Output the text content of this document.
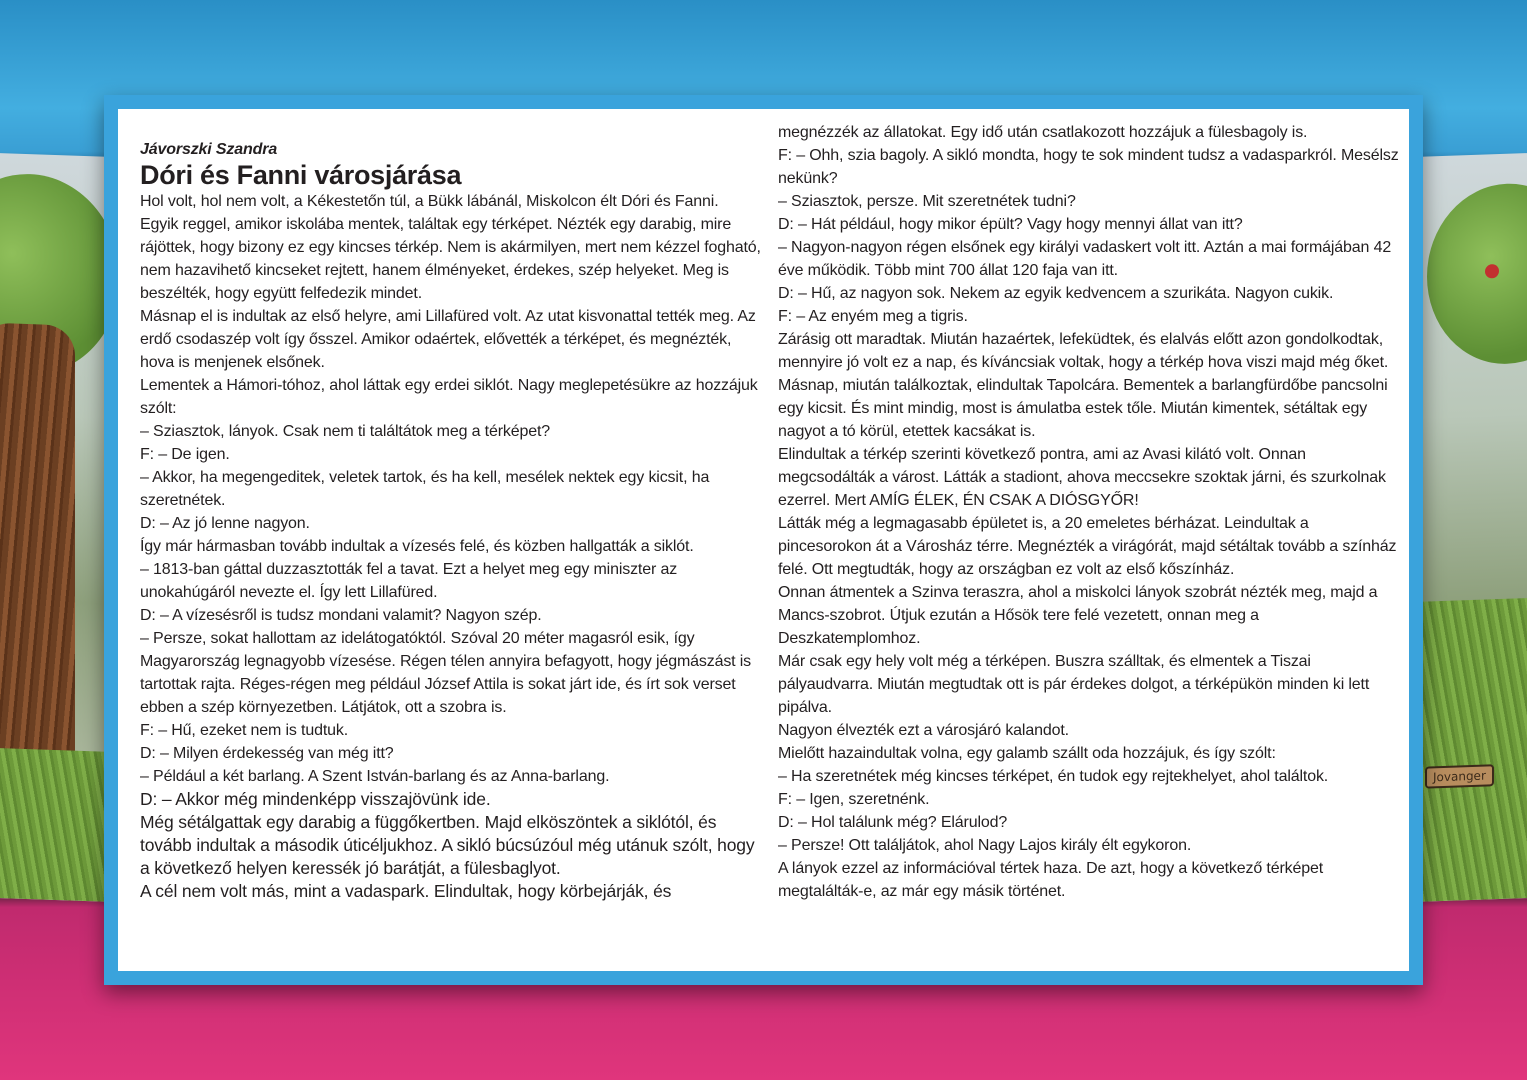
Jovanger

Jávorszki Szandra

Dóri és Fanni városjárása

Hol volt, hol nem volt, a Kékestetőn túl, a Bükk lábánál, Miskolcon élt Dóri és Fanni.

Egyik reggel, amikor iskolába mentek, találtak egy térképet. Nézték egy darabig, mire rájöttek, hogy bizony ez egy kincses térkép. Nem is akármilyen, mert nem kézzel fogható, nem hazavihető kincseket rejtett, hanem élményeket, érdekes, szép helyeket. Meg is beszélték, hogy együtt felfedezik mindet.

Másnap el is indultak az első helyre, ami Lillafüred volt. Az utat kisvonattal tették meg. Az erdő csodaszép volt így ősszel. Amikor odaértek, elővették a térképet, és megnézték, hova is menjenek elsőnek.

Lementek a Hámori-tóhoz, ahol láttak egy erdei siklót. Nagy meglepetésükre az hozzájuk szólt:

– Sziasztok, lányok. Csak nem ti találtátok meg a térképet?

F: – De igen.

– Akkor, ha megengeditek, veletek tartok, és ha kell, mesélek nektek egy kicsit, ha szeretnétek.

D: – Az jó lenne nagyon.

Így már hármasban tovább indultak a vízesés felé, és közben hallgatták a siklót.

– 1813-ban gáttal duzzasztották fel a tavat. Ezt a helyet meg egy miniszter az unokahúgáról nevezte el. Így lett Lillafüred.

D: – A vízesésről is tudsz mondani valamit? Nagyon szép.

– Persze, sokat hallottam az idelátogatóktól. Szóval 20 méter magasról esik, így Magyarország legnagyobb vízesése. Régen télen annyira befagyott, hogy jégmászást is tartottak rajta. Réges-régen meg például József Attila is sokat járt ide, és írt sok verset ebben a szép környezetben. Látjátok, ott a szobra is.

F: – Hű, ezeket nem is tudtuk.

D: – Milyen érdekesség van még itt?

– Például a két barlang. A Szent István-barlang és az Anna-barlang.

D: – Akkor még mindenképp visszajövünk ide.

Még sétálgattak egy darabig a függőkertben. Majd elköszöntek a siklótól, és tovább indultak a második úticéljukhoz. A sikló búcsúzóul még utánuk szólt, hogy a következő helyen keressék jó barátját, a fülesbaglyot.

A cél nem volt más, mint a vadaspark. Elindultak, hogy körbejárják, és

megnézzék az állatokat. Egy idő után csatlakozott hozzájuk a fülesbagoly is.

F: – Ohh, szia bagoly. A sikló mondta, hogy te sok mindent tudsz a vadasparkról. Mesélsz nekünk?

– Sziasztok, persze. Mit szeretnétek tudni?

D: – Hát például, hogy mikor épült? Vagy hogy mennyi állat van itt?

– Nagyon-nagyon régen elsőnek egy királyi vadaskert volt itt. Aztán a mai formájában 42 éve működik. Több mint 700 állat 120 faja van itt.

D: – Hű, az nagyon sok. Nekem az egyik kedvencem a szurikáta. Nagyon cukik.

F: – Az enyém meg a tigris.

Zárásig ott maradtak. Miután hazaértek, lefeküdtek, és elalvás előtt azon gondolkodtak, mennyire jó volt ez a nap, és kíváncsiak voltak, hogy a térkép hova viszi majd még őket.

Másnap, miután találkoztak, elindultak Tapolcára. Bementek a barlangfürdőbe pancsolni egy kicsit. És mint mindig, most is ámulatba estek tőle. Miután kimentek, sétáltak egy nagyot a tó körül, etettek kacsákat is.

Elindultak a térkép szerinti következő pontra, ami az Avasi kilátó volt. Onnan megcsodálták a várost. Látták a stadiont, ahova meccsekre szoktak járni, és szurkolnak ezerrel. Mert AMÍG ÉLEK, ÉN CSAK A DIÓSGYŐR!

Látták még a legmagasabb épületet is, a 20 emeletes bérházat. Leindultak a pincesorokon át a Városház térre. Megnézték a virágórát, majd sétáltak tovább a színház felé. Ott megtudták, hogy az országban ez volt az első kőszínház.

Onnan átmentek a Szinva teraszra, ahol a miskolci lányok szobrát nézték meg, majd a Mancs-szobrot. Útjuk ezután a Hősök tere felé vezetett, onnan meg a Deszkatemplomhoz.

Már csak egy hely volt még a térképen. Buszra szálltak, és elmentek a Tiszai pályaudvarra. Miután megtudtak ott is pár érdekes dolgot, a térképükön minden ki lett pipálva.

Nagyon élvezték ezt a városjáró kalandot.

Mielőtt hazaindultak volna, egy galamb szállt oda hozzájuk, és így szólt:

– Ha szeretnétek még kincses térképet, én tudok egy rejtekhelyet, ahol találtok.

F: – Igen, szeretnénk.

D: – Hol találunk még? Elárulod?

– Persze! Ott találjátok, ahol Nagy Lajos király élt egykoron.

A lányok ezzel az információval tértek haza. De azt, hogy a következő térképet megtalálták-e, az már egy másik történet.
